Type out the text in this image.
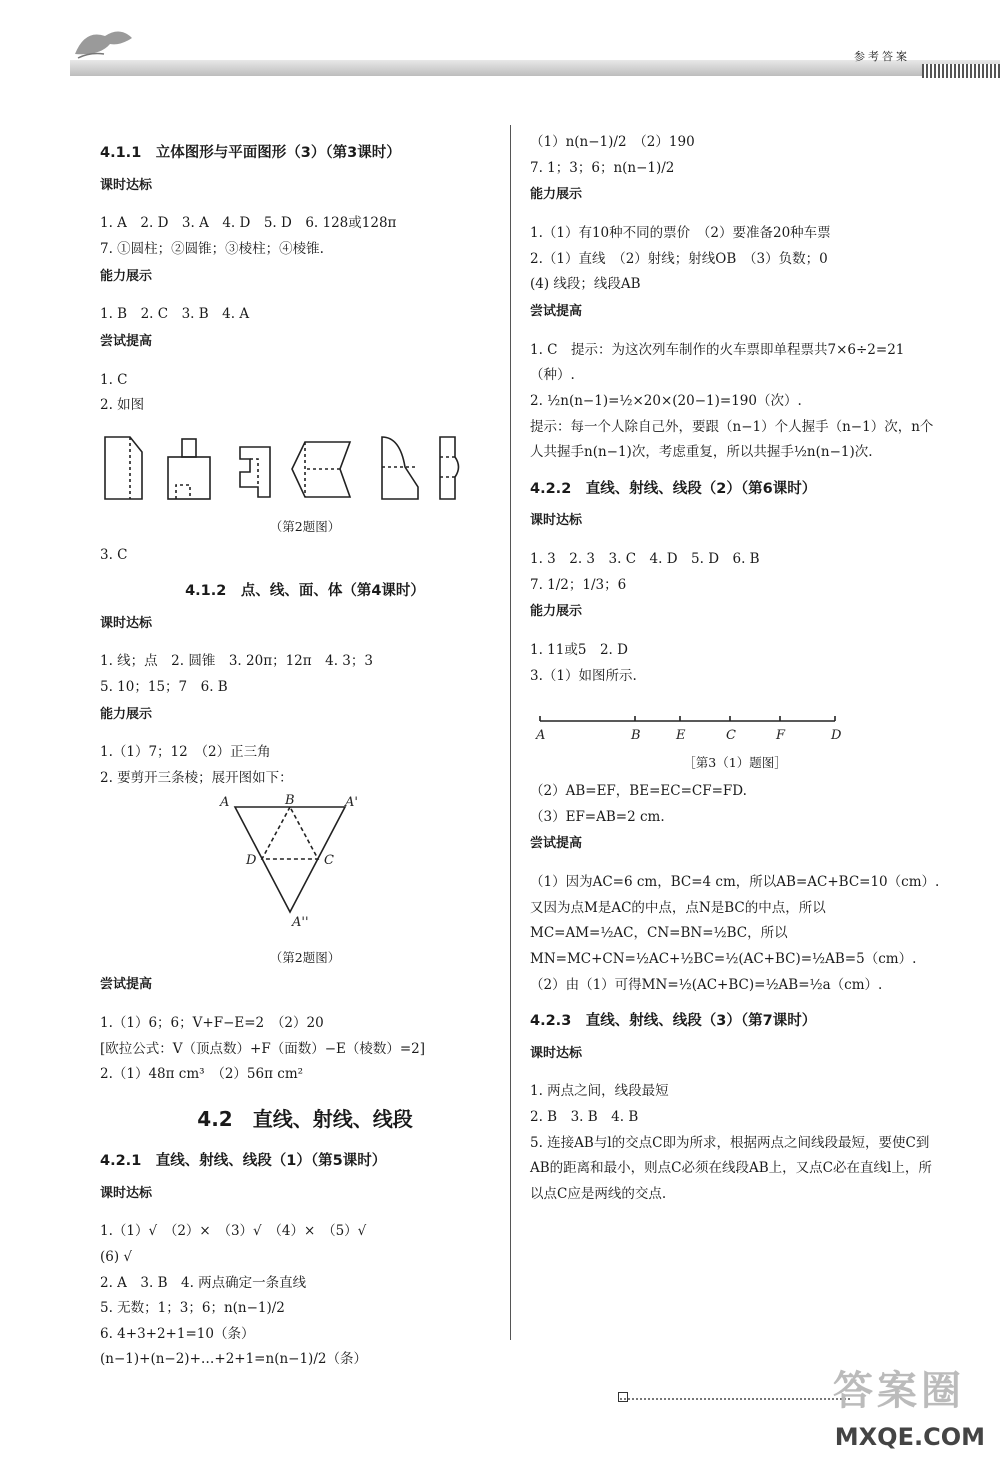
参考答案

4.1.1　立体图形与平面图形（3）（第3课时）

课时达标

1. A　2. D　3. A　4. D　5. D　6. 128或128π

7. ①圆柱；②圆锥；③棱柱；④棱锥.

能力展示

1. B　2. C　3. B　4. A

尝试提高

1. C

2. 如图

（第2题图）

3. C

4.1.2　点、线、面、体（第4课时）

课时达标

1. 线；点　2. 圆锥　3. 20π；12π　4. 3；3

5. 10；15；7　6. B

能力展示

1.（1）7；12　（2）正三角

2. 要剪开三条棱；展开图如下：

A	B	A'
D	C
A''

（第2题图）

尝试提高

1.（1）6；6；V+F−E=2　（2）20

[欧拉公式：V（顶点数）+F（面数）−E（棱数）=2]

2.（1）48π cm³　（2）56π cm²

4.2　直线、射线、线段

4.2.1　直线、射线、线段（1）（第5课时）

课时达标

1.（1）√　（2）×　（3）√　（4）×　（5）√

(6) √

2. A　3. B　4. 两点确定一条直线

5. 无数；1；3；6；n(n−1)/2

6. 4+3+2+1=10（条）

(n−1)+(n−2)+…+2+1=n(n−1)/2（条）

（1）n(n−1)/2　（2）190

7. 1；3；6；n(n−1)/2

能力展示

1.（1）有10种不同的票价　（2）要准备20种车票

2.（1）直线　（2）射线；射线OB　（3）负数；0

(4) 线段；线段AB

尝试提高

1. C　提示：为这次列车制作的火车票即单程票共7×6÷2=21（种）.

2. ½n(n−1)=½×20×(20−1)=190（次）.

提示：每一个人除自己外，要跟（n−1）个人握手（n−1）次，n个人共握手n(n−1)次，考虑重复，所以共握手½n(n−1)次.

4.2.2　直线、射线、线段（2）（第6课时）

课时达标

1. 3　2. 3　3. C　4. D　5. D　6. B

7. 1/2；1/3；6

能力展示

1. 11或5　2. D

3.（1）如图所示.

A	B	E	C	F	D

［第3（1）题图］

（2）AB=EF，BE=EC=CF=FD.

（3）EF=AB=2 cm.

尝试提高

（1）因为AC=6 cm，BC=4 cm，所以AB=AC+BC=10（cm）.

又因为点M是AC的中点，点N是BC的中点，所以MC=AM=½AC，CN=BN=½BC，所以MN=MC+CN=½AC+½BC=½(AC+BC)=½AB=5（cm）.

（2）由（1）可得MN=½(AC+BC)=½AB=½a（cm）.

4.2.3　直线、射线、线段（3）（第7课时）

课时达标

1. 两点之间，线段最短

2. B　3. B　4. B

5. 连接AB与l的交点C即为所求，根据两点之间线段最短，要使C到AB的距离和最小，则点C必须在线段AB上，又点C必在直线l上，所以点C应是两线的交点.

答案圈
MXQE.COM
